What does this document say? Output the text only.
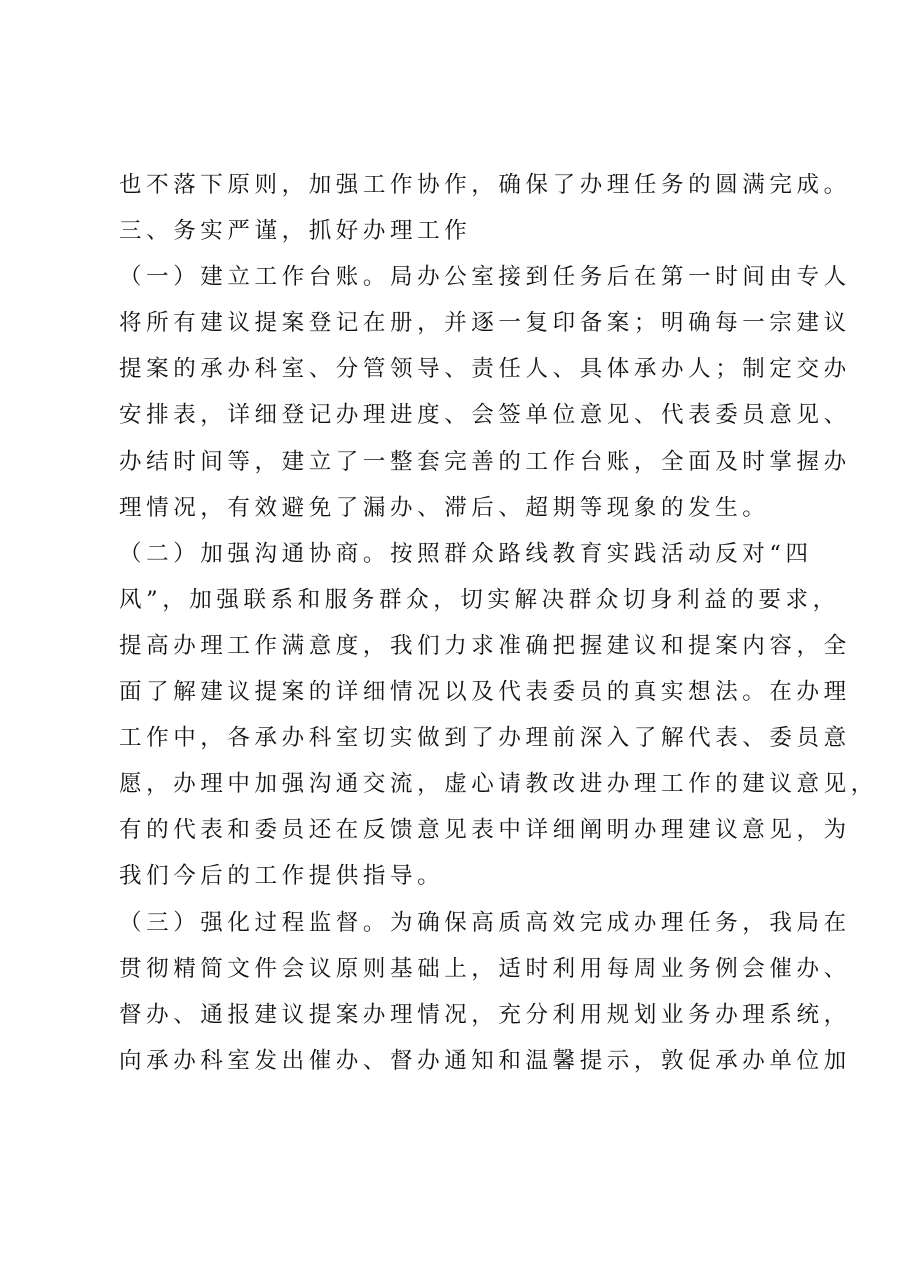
也不落下原则，加强工作协作，确保了办理任务的圆满完成。
三、务实严谨，抓好办理工作
（一）建立工作台账。局办公室接到任务后在第一时间由专人
将所有建议提案登记在册，并逐一复印备案；明确每一宗建议
提案的承办科室、分管领导、责任人、具体承办人；制定交办
安排表，详细登记办理进度、会签单位意见、代表委员意见、
办结时间等，建立了一整套完善的工作台账，全面及时掌握办
理情况，有效避免了漏办、滞后、超期等现象的发生。
（二）加强沟通协商。按照群众路线教育实践活动反对“四
风”，加强联系和服务群众，切实解决群众切身利益的要求，
提高办理工作满意度，我们力求准确把握建议和提案内容，全
面了解建议提案的详细情况以及代表委员的真实想法。在办理
工作中，各承办科室切实做到了办理前深入了解代表、委员意
愿，办理中加强沟通交流，虚心请教改进办理工作的建议意见，
有的代表和委员还在反馈意见表中详细阐明办理建议意见，为
我们今后的工作提供指导。
（三）强化过程监督。为确保高质高效完成办理任务，我局在
贯彻精简文件会议原则基础上，适时利用每周业务例会催办、
督办、通报建议提案办理情况，充分利用规划业务办理系统，
向承办科室发出催办、督办通知和温馨提示，敦促承办单位加
